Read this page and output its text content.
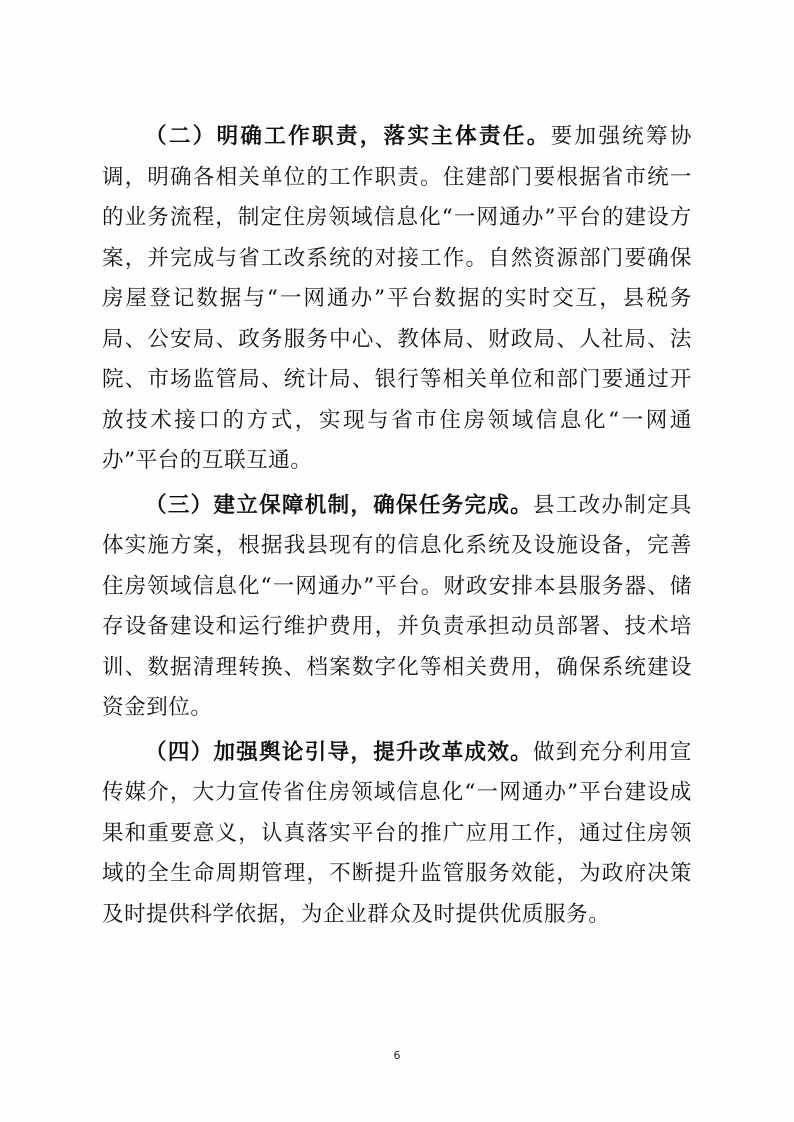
（二）明确工作职责，落实主体责任。要加强统筹协调，明确各相关单位的工作职责。住建部门要根据省市统一的业务流程，制定住房领域信息化“一网通办”平台的建设方案，并完成与省工改系统的对接工作。自然资源部门要确保房屋登记数据与“一网通办”平台数据的实时交互，县税务局、公安局、政务服务中心、教体局、财政局、人社局、法院、市场监管局、统计局、银行等相关单位和部门要通过开放技术接口的方式，实现与省市住房领域信息化“一网通办”平台的互联互通。

（三）建立保障机制，确保任务完成。县工改办制定具体实施方案，根据我县现有的信息化系统及设施设备，完善住房领域信息化“一网通办”平台。财政安排本县服务器、储存设备建设和运行维护费用，并负责承担动员部署、技术培训、数据清理转换、档案数字化等相关费用，确保系统建设资金到位。

（四）加强舆论引导，提升改革成效。做到充分利用宣传媒介，大力宣传省住房领域信息化“一网通办”平台建设成果和重要意义，认真落实平台的推广应用工作，通过住房领域的全生命周期管理，不断提升监管服务效能，为政府决策及时提供科学依据，为企业群众及时提供优质服务。

6
